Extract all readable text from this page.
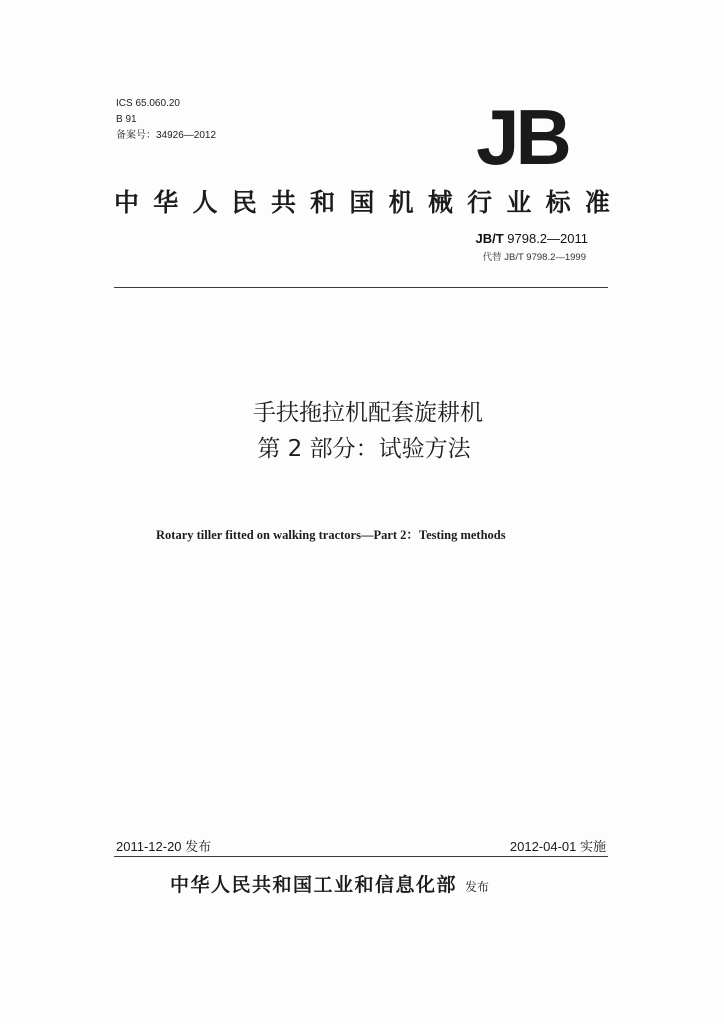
ICS 65.060.20
B 91
备案号：34926—2012	JB
中 华 人 民 共 和 国 机 械 行 业 标 准
JB/T 9798.2—2011
代替 JB/T 9798.2—1999
手扶拖拉机配套旋耕机
第 2 部分：试验方法
Rotary tiller fitted on walking tractors—Part 2：Testing methods
2011-12-20 发布	2012-04-01 实施
中华人民共和国工业和信息化部 发布
